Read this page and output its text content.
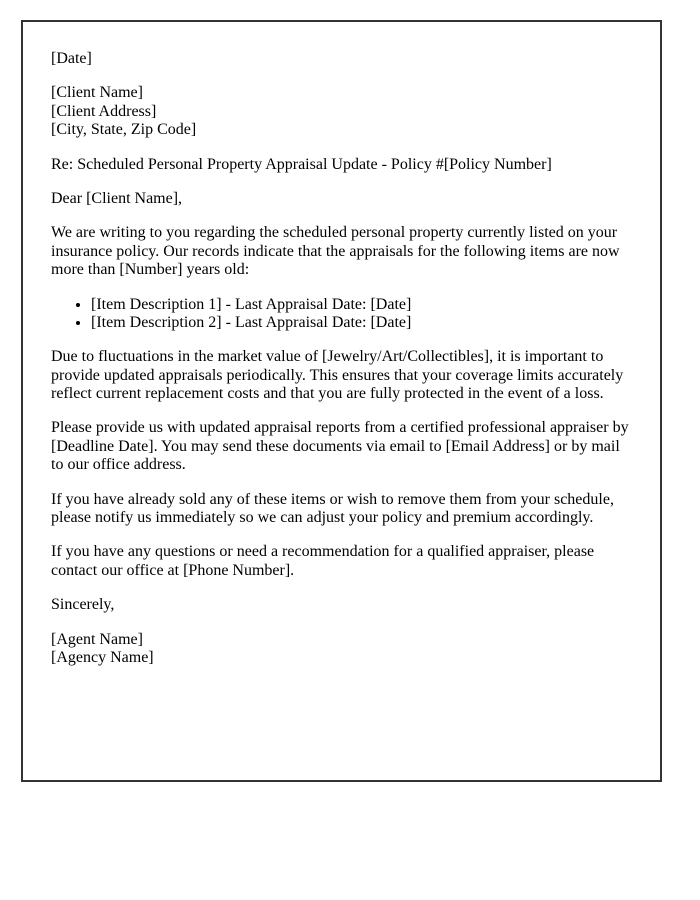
[Date]

[Client Name]
[Client Address]
[City, State, Zip Code]

Re: Scheduled Personal Property Appraisal Update - Policy #[Policy Number]

Dear [Client Name],

We are writing to you regarding the scheduled personal property currently listed on your insurance policy. Our records indicate that the appraisals for the following items are now more than [Number] years old:

• [Item Description 1] - Last Appraisal Date: [Date]
• [Item Description 2] - Last Appraisal Date: [Date]

Due to fluctuations in the market value of [Jewelry/Art/Collectibles], it is important to provide updated appraisals periodically. This ensures that your coverage limits accurately reflect current replacement costs and that you are fully protected in the event of a loss.

Please provide us with updated appraisal reports from a certified professional appraiser by [Deadline Date]. You may send these documents via email to [Email Address] or by mail to our office address.

If you have already sold any of these items or wish to remove them from your schedule, please notify us immediately so we can adjust your policy and premium accordingly.

If you have any questions or need a recommendation for a qualified appraiser, please contact our office at [Phone Number].

Sincerely,

[Agent Name]
[Agency Name]
